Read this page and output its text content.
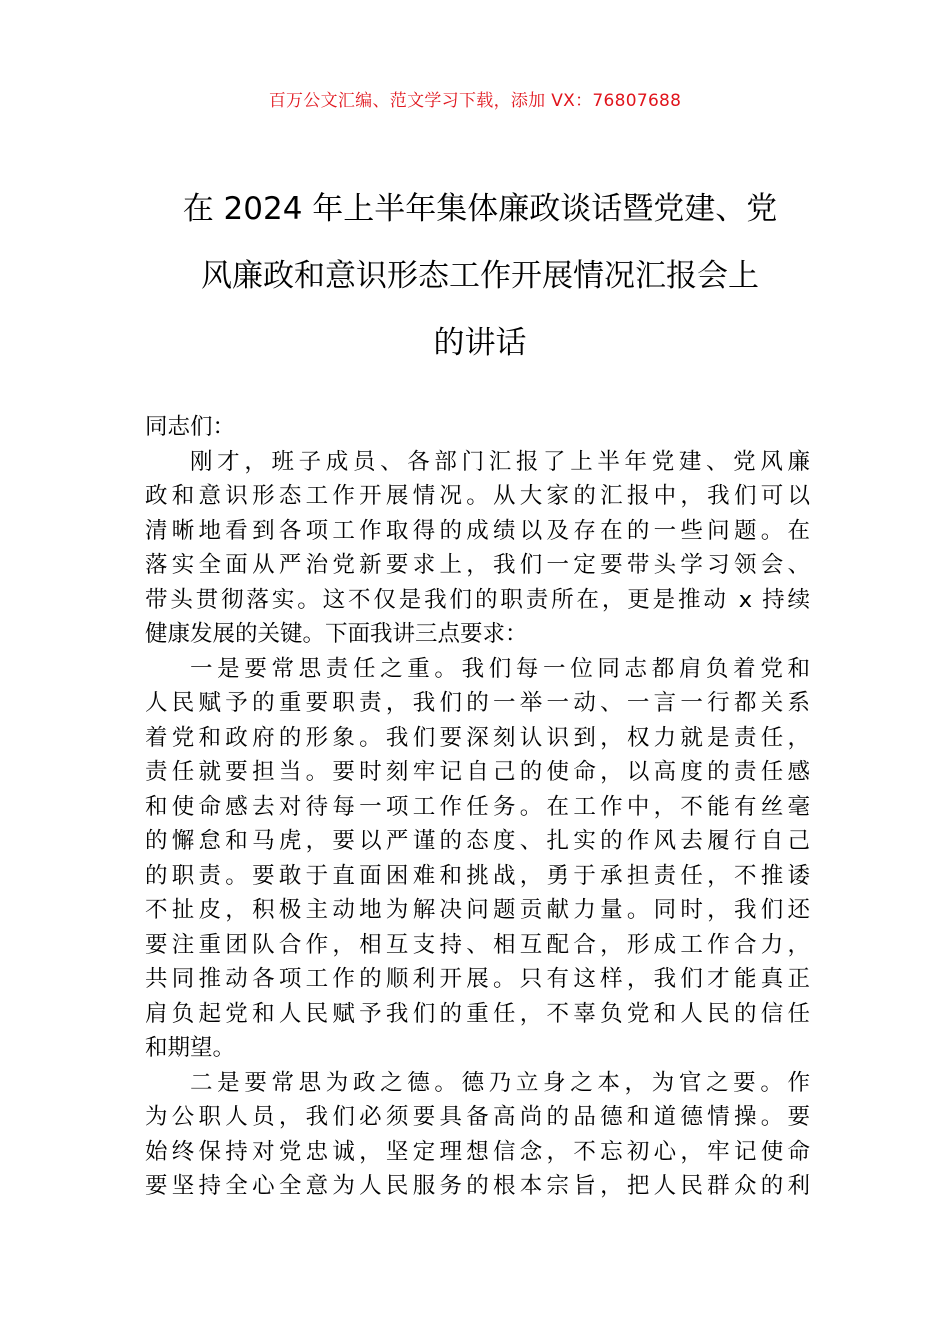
百万公文汇编、范文学习下载，添加 VX：76807688
在 2024 年上半年集体廉政谈话暨党建、党
风廉政和意识形态工作开展情况汇报会上
的讲话
同志们：
刚才，班子成员、各部门汇报了上半年党建、党风廉
政和意识形态工作开展情况。从大家的汇报中，我们可以
清晰地看到各项工作取得的成绩以及存在的一些问题。在
落实全面从严治党新要求上，我们一定要带头学习领会、
带头贯彻落实。这不仅是我们的职责所在，更是推动 x 持续
健康发展的关键。下面我讲三点要求：
一是要常思责任之重。我们每一位同志都肩负着党和
人民赋予的重要职责，我们的一举一动、一言一行都关系
着党和政府的形象。我们要深刻认识到，权力就是责任，
责任就要担当。要时刻牢记自己的使命，以高度的责任感
和使命感去对待每一项工作任务。在工作中，不能有丝毫
的懈怠和马虎，要以严谨的态度、扎实的作风去履行自己
的职责。要敢于直面困难和挑战，勇于承担责任，不推诿
不扯皮，积极主动地为解决问题贡献力量。同时，我们还
要注重团队合作，相互支持、相互配合，形成工作合力，
共同推动各项工作的顺利开展。只有这样，我们才能真正
肩负起党和人民赋予我们的重任，不辜负党和人民的信任
和期望。
二是要常思为政之德。德乃立身之本，为官之要。作
为公职人员，我们必须要具备高尚的品德和道德情操。要
始终保持对党忠诚，坚定理想信念，不忘初心，牢记使命
要坚持全心全意为人民服务的根本宗旨，把人民群众的利
